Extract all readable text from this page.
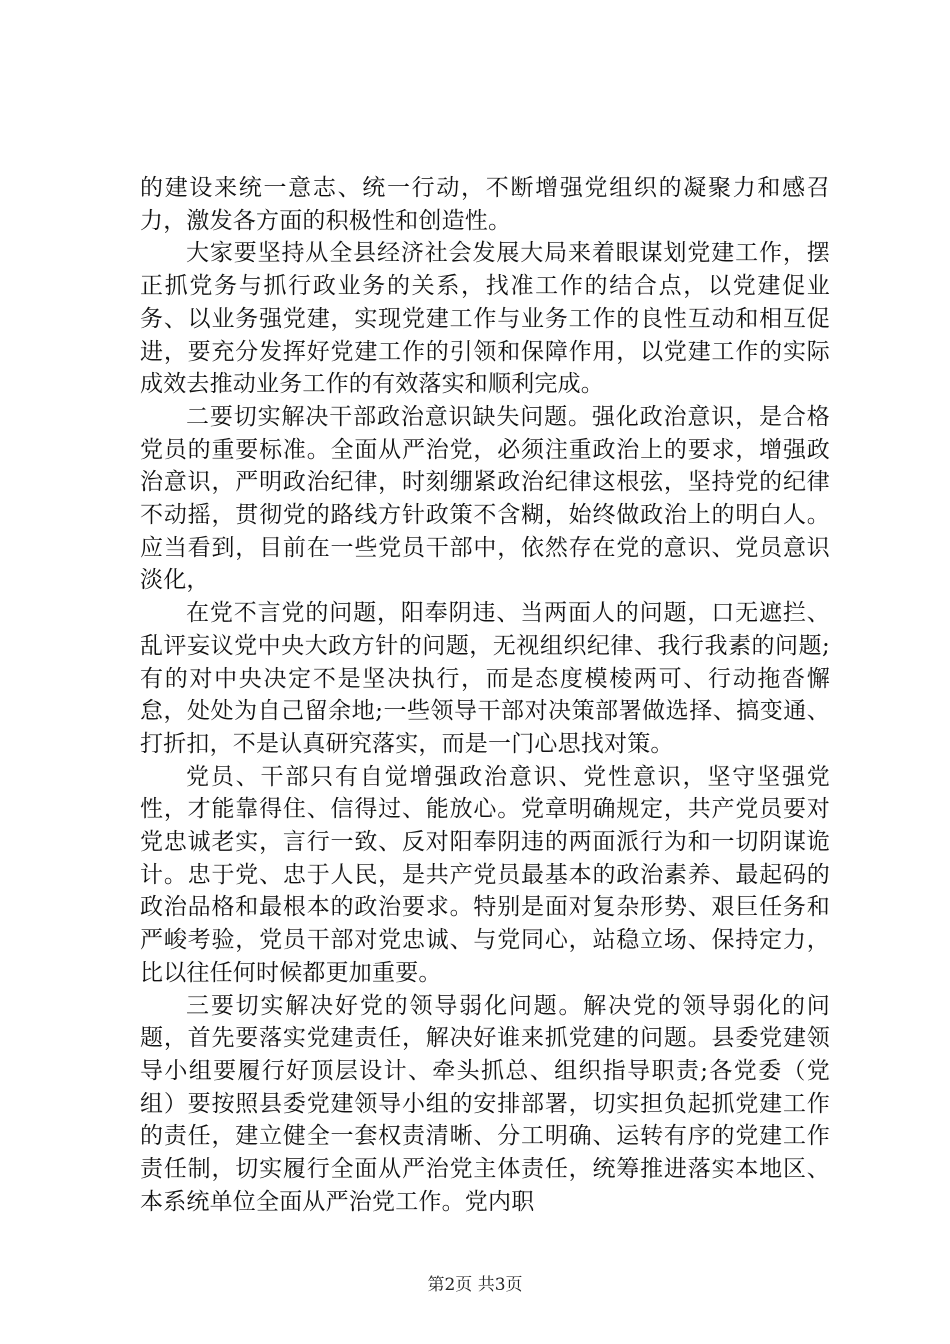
的建设来统一意志、统一行动，不断增强党组织的凝聚力和感召力，激发各方面的积极性和创造性。

大家要坚持从全县经济社会发展大局来着眼谋划党建工作，摆正抓党务与抓行政业务的关系，找准工作的结合点，以党建促业务、以业务强党建，实现党建工作与业务工作的良性互动和相互促进，要充分发挥好党建工作的引领和保障作用，以党建工作的实际成效去推动业务工作的有效落实和顺利完成。

二要切实解决干部政治意识缺失问题。强化政治意识，是合格党员的重要标准。全面从严治党，必须注重政治上的要求，增强政治意识，严明政治纪律，时刻绷紧政治纪律这根弦，坚持党的纪律不动摇，贯彻党的路线方针政策不含糊，始终做政治上的明白人。应当看到，目前在一些党员干部中，依然存在党的意识、党员意识淡化，

在党不言党的问题，阳奉阴违、当两面人的问题，口无遮拦、乱评妄议党中央大政方针的问题，无视组织纪律、我行我素的问题;有的对中央决定不是坚决执行，而是态度模棱两可、行动拖沓懈怠，处处为自己留余地;一些领导干部对决策部署做选择、搞变通、打折扣，不是认真研究落实，而是一门心思找对策。

党员、干部只有自觉增强政治意识、党性意识，坚守坚强党性，才能靠得住、信得过、能放心。党章明确规定，共产党员要对党忠诚老实，言行一致、反对阳奉阴违的两面派行为和一切阴谋诡计。忠于党、忠于人民，是共产党员最基本的政治素养、最起码的政治品格和最根本的政治要求。特别是面对复杂形势、艰巨任务和严峻考验，党员干部对党忠诚、与党同心，站稳立场、保持定力，比以往任何时候都更加重要。

三要切实解决好党的领导弱化问题。解决党的领导弱化的问题，首先要落实党建责任，解决好谁来抓党建的问题。县委党建领导小组要履行好顶层设计、牵头抓总、组织指导职责;各党委（党组）要按照县委党建领导小组的安排部署，切实担负起抓党建工作的责任，建立健全一套权责清晰、分工明确、运转有序的党建工作责任制，切实履行全面从严治党主体责任，统筹推进落实本地区、本系统单位全面从严治党工作。党内职

第2页 共3页
